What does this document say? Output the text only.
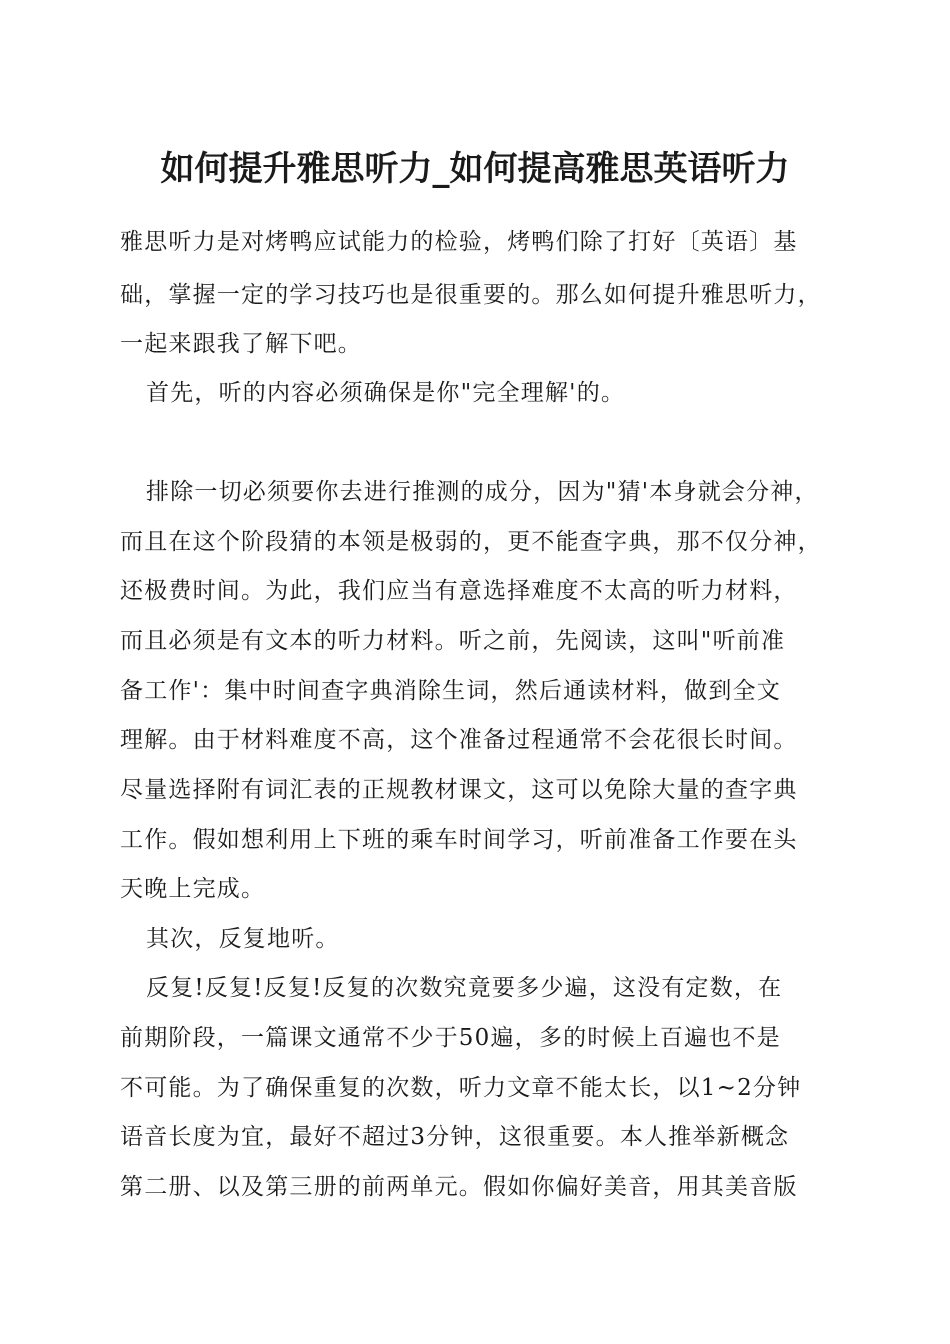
如何提升雅思听力_如何提高雅思英语听力

雅思听力是对烤鸭应试能力的检验，烤鸭们除了打好〔英语〕基

础，掌握一定的学习技巧也是很重要的。那么如何提升雅思听力，

一起来跟我了解下吧。

首先，听的内容必须确保是你"完全理解'的。

排除一切必须要你去进行推测的成分，因为"猜'本身就会分神，

而且在这个阶段猜的本领是极弱的，更不能查字典，那不仅分神，

还极费时间。为此，我们应当有意选择难度不太高的听力材料，

而且必须是有文本的听力材料。听之前，先阅读，这叫"听前准

备工作'：集中时间查字典消除生词，然后通读材料，做到全文

理解。由于材料难度不高，这个准备过程通常不会花很长时间。

尽量选择附有词汇表的正规教材课文，这可以免除大量的查字典

工作。假如想利用上下班的乘车时间学习，听前准备工作要在头

天晚上完成。

其次，反复地听。

反复!反复!反复!反复的次数究竟要多少遍，这没有定数，在

前期阶段，一篇课文通常不少于50遍，多的时候上百遍也不是

不可能。为了确保重复的次数，听力文章不能太长，以1~2分钟

语音长度为宜，最好不超过3分钟，这很重要。本人推举新概念

第二册、以及第三册的前两单元。假如你偏好美音，用其美音版
